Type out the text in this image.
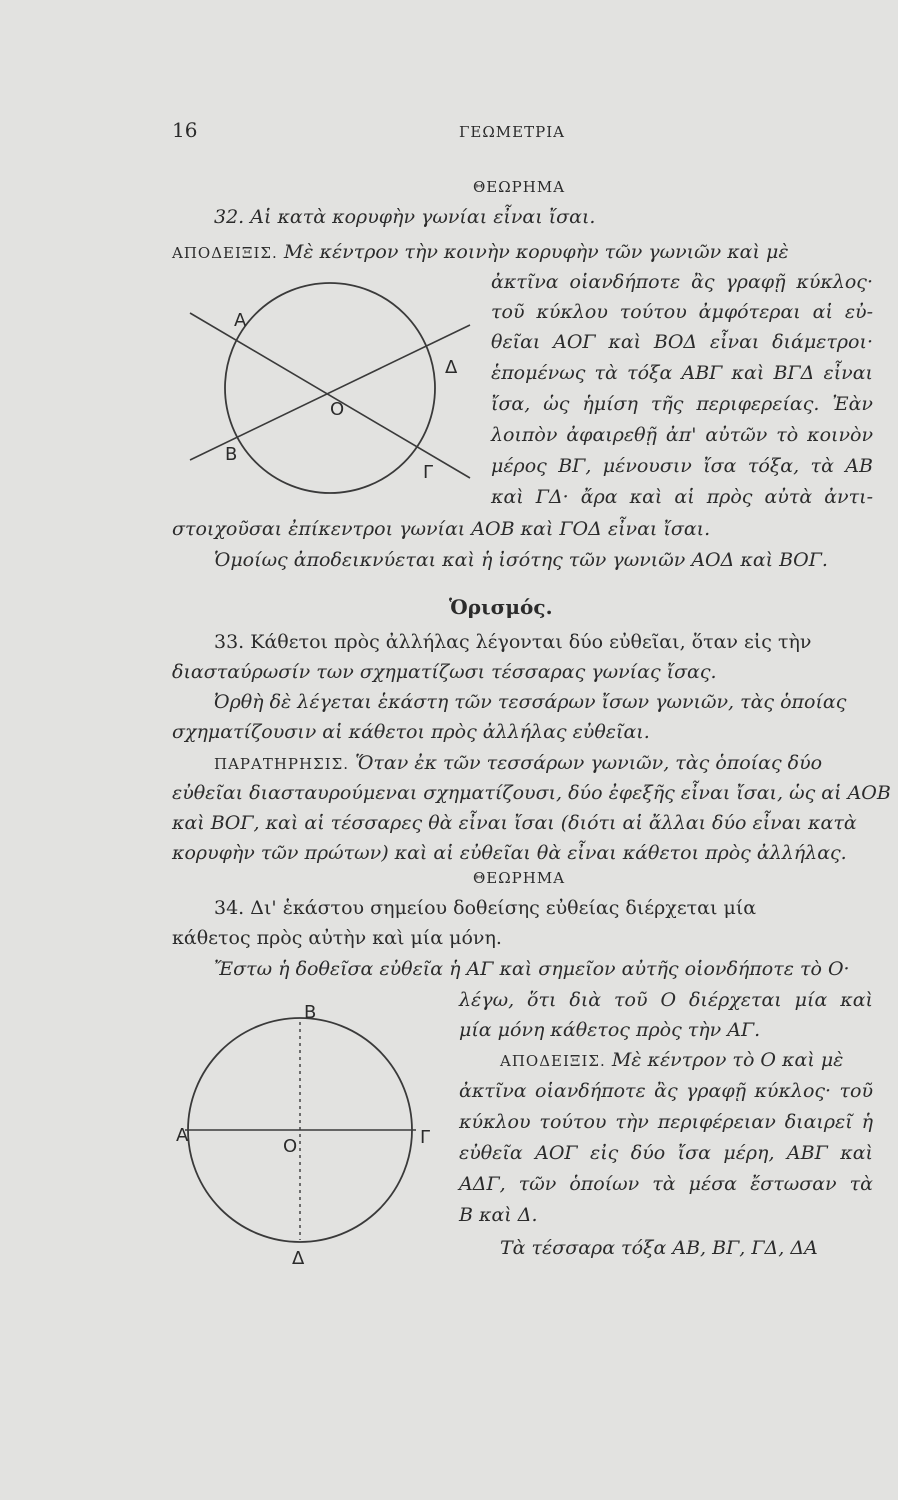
16	ΓΕΩΜΕΤΡΙΑ
ΘΕΩΡΗΜΑ
32. Αἱ κατὰ κορυφὴν γωνίαι εἶναι ἴσαι.
ΑΠΟΔΕΙΞΙΣ. Μὲ κέντρον τὴν κοινὴν κορυφὴν τῶν γωνιῶν καὶ μὲ
ἀκτῖνα οἱανδήποτε ἂς γραφῇ κύκλος·
τοῦ κύκλου τούτου ἀμφότεραι αἱ εὐ-
θεῖαι ΑΟΓ καὶ ΒΟΔ εἶναι διάμετροι·
ἑπομένως τὰ τόξα ΑΒΓ καὶ ΒΓΔ εἶναι
ἴσα, ὡς ἡμίση τῆς περιφερείας. Ἐὰν
λοιπὸν ἀφαιρεθῇ ἀπ' αὐτῶν τὸ κοινὸν
μέρος ΒΓ, μένουσιν ἴσα τόξα, τὰ ΑΒ
καὶ ΓΔ· ἄρα καὶ αἱ πρὸς αὐτὰ ἀντι-
στοιχοῦσαι ἐπίκεντροι γωνίαι ΑΟΒ καὶ ΓΟΔ εἶναι ἴσαι.
Ὁμοίως ἀποδεικνύεται καὶ ἡ ἰσότης τῶν γωνιῶν ΑΟΔ καὶ ΒΟΓ.
Α
Δ
Ο
Β
Γ
Ὁρισμός.
33. Κάθετοι πρὸς ἀλλήλας λέγονται δύο εὐθεῖαι, ὅταν εἰς τὴν
διασταύρωσίν των σχηματίζωσι τέσσαρας γωνίας ἴσας.
Ὀρθὴ δὲ λέγεται ἑκάστη τῶν τεσσάρων ἴσων γωνιῶν, τὰς ὁποίας
σχηματίζουσιν αἱ κάθετοι πρὸς ἀλλήλας εὐθεῖαι.
ΠΑΡΑΤΗΡΗΣΙΣ. Ὅταν ἐκ τῶν τεσσάρων γωνιῶν, τὰς ὁποίας δύο
εὐθεῖαι διασταυρούμεναι σχηματίζουσι, δύο ἐφεξῆς εἶναι ἴσαι, ὡς αἱ ΑΟΒ
καὶ ΒΟΓ, καὶ αἱ τέσσαρες θὰ εἶναι ἴσαι (διότι αἱ ἄλλαι δύο εἶναι κατὰ
κορυφὴν τῶν πρώτων) καὶ αἱ εὐθεῖαι θὰ εἶναι κάθετοι πρὸς ἀλλήλας.
ΘΕΩΡΗΜΑ
34. Δι' ἑκάστου σημείου δοθείσης εὐθείας διέρχεται μία
κάθετος πρὸς αὐτὴν καὶ μία μόνη.
Ἔστω ἡ δοθεῖσα εὐθεῖα ἡ ΑΓ καὶ σημεῖον αὐτῆς οἱονδήποτε τὸ Ο·
λέγω, ὅτι διὰ τοῦ Ο διέρχεται μία καὶ
μία μόνη κάθετος πρὸς τὴν ΑΓ.
ΑΠΟΔΕΙΞΙΣ. Μὲ κέντρον τὸ Ο καὶ μὲ
ἀκτῖνα οἱανδήποτε ἂς γραφῇ κύκλος· τοῦ
κύκλου τούτου τὴν περιφέρειαν διαιρεῖ ἡ
εὐθεῖα ΑΟΓ εἰς δύο ἴσα μέρη, ΑΒΓ καὶ
ΑΔΓ, τῶν ὁποίων τὰ μέσα ἔστωσαν τὰ
Β καὶ Δ.
Τὰ τέσσαρα τόξα ΑΒ, ΒΓ, ΓΔ, ΔΑ
Β
Α
Ο	Γ
Δ
